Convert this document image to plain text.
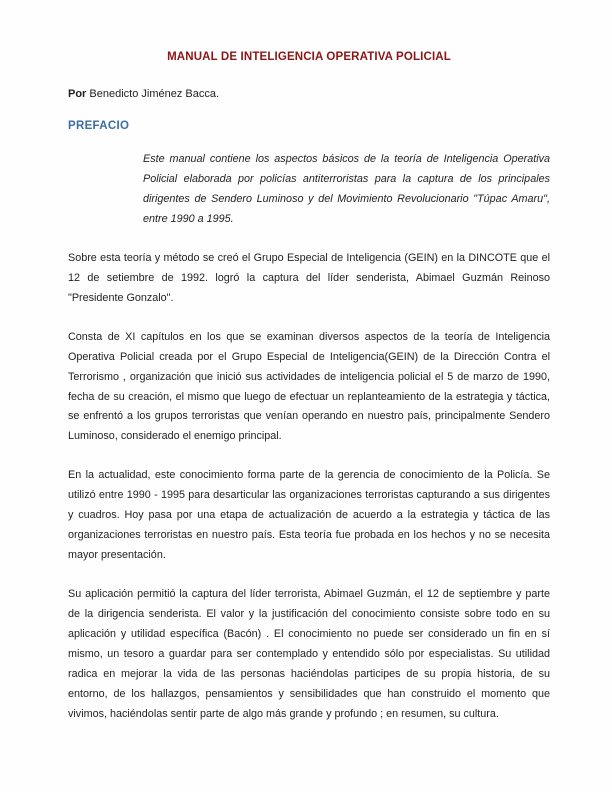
MANUAL DE INTELIGENCIA OPERATIVA POLICIAL

Por Benedicto Jiménez Bacca.

PREFACIO

Este manual contiene los aspectos básicos de la teoría de Inteligencia Operativa Policial elaborada por policías antiterroristas para la captura de los principales dirigentes de Sendero Luminoso y del Movimiento Revolucionario "Túpac Amaru", entre 1990 a 1995.

Sobre esta teoría y método se creó el Grupo Especial de Inteligencia (GEIN) en la DINCOTE que el 12 de setiembre de 1992. logró la captura del líder senderista, Abimael Guzmán Reinoso "Presidente Gonzalo".

Consta de XI capítulos en los que se examinan diversos aspectos de la teoría de Inteligencia Operativa Policial creada por el Grupo Especial de Inteligencia(GEIN) de la Dirección Contra el Terrorismo , organización que inició sus actividades de inteligencia policial el 5 de marzo de 1990, fecha de su creación, el mismo que luego de efectuar un replanteamiento de la estrategia y táctica, se enfrentó a los grupos terroristas que venían operando en nuestro país, principalmente Sendero Luminoso, considerado el enemigo principal.

En la actualidad, este conocimiento forma parte de la gerencia de conocimiento de la Policía. Se utilizó entre 1990 - 1995 para desarticular las organizaciones terroristas capturando a sus dirigentes y cuadros. Hoy pasa por una etapa de actualización de acuerdo a la estrategia y táctica de las organizaciones terroristas en nuestro país. Esta teoría fue probada en los hechos y no se necesita mayor presentación.

Su aplicación permitió la captura del líder terrorista, Abimael Guzmán, el 12 de septiembre y parte de la dirigencia senderista. El valor y la justificación del conocimiento consiste sobre todo en su aplicación y utilidad específica (Bacón) . El conocimiento no puede ser considerado un fin en sí mismo, un tesoro a guardar para ser contemplado y entendido sólo por especialistas. Su utilidad radica en mejorar la vida de las personas haciéndolas participes de su propia historia, de su entorno, de los hallazgos, pensamientos y sensibilidades que han construido el momento que vivimos, haciéndolas sentir parte de algo más grande y profundo ; en resumen, su cultura.
